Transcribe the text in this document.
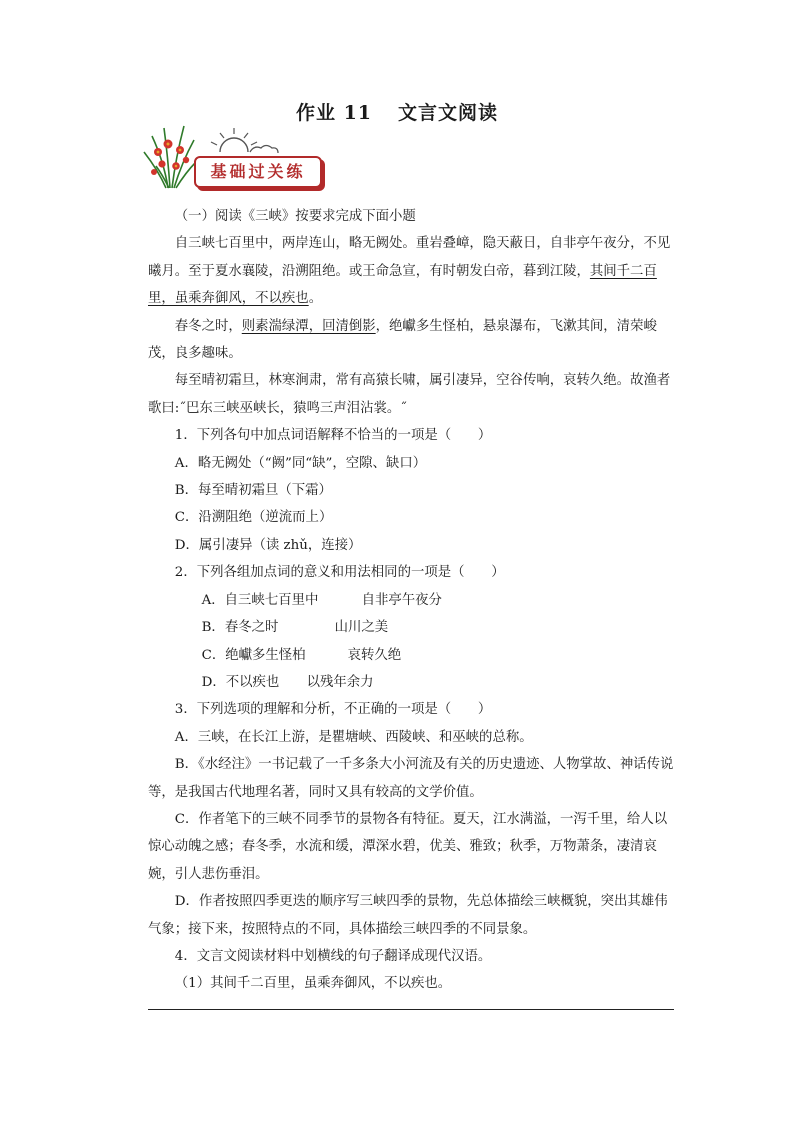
作业 11 文言文阅读
基础过关练

（一）阅读《三峡》按要求完成下面小题

自三峡七百里中，两岸连山，略无阙处。重岩叠嶂，隐天蔽日，自非亭午夜分，不见曦月。至于夏水襄陵，沿溯阻绝。或王命急宣，有时朝发白帝，暮到江陵，其间千二百里，虽乘奔御风，不以疾也。

春冬之时，则素湍绿潭，回清倒影，绝巘多生怪柏，悬泉瀑布，飞漱其间，清荣峻茂，良多趣味。

每至晴初霜旦，林寒涧肃，常有高猿长啸，属引凄异，空谷传响，哀转久绝。故渔者歌曰:˝巴东三峡巫峡长，猿鸣三声泪沾裳。˝

1．下列各句中加点词语解释不恰当的一项是（　　）

A．略无阙处（“阙”同“缺”，空隙、缺口）

B．每至晴初霜旦（下霜）

C．沿溯阻绝（逆流而上）

D．属引凄异（读 zhǔ，连接）

2．下列各组加点词的意义和用法相同的一项是（　　）

A．自三峡七百里中	自非亭午夜分

B．春冬之时	山川之美

C．绝巘多生怪柏	哀转久绝

D．不以疾也 以残年余力

3．下列选项的理解和分析，不正确的一项是（　　）

A．三峡，在长江上游，是瞿塘峡、西陵峡、和巫峡的总称。

B．《水经注》一书记载了一千多条大小河流及有关的历史遗迹、人物掌故、神话传说等，是我国古代地理名著，同时又具有较高的文学价值。

C．作者笔下的三峡不同季节的景物各有特征。夏天，江水满溢，一泻千里，给人以惊心动魄之感；春冬季，水流和缓，潭深水碧，优美、雅致；秋季，万物萧条，凄清哀婉，引人悲伤垂泪。

D．作者按照四季更迭的顺序写三峡四季的景物，先总体描绘三峡概貌，突出其雄伟气象；接下来，按照特点的不同，具体描绘三峡四季的不同景象。

4．文言文阅读材料中划横线的句子翻译成现代汉语。

（1）其间千二百里，虽乘奔御风，不以疾也。
